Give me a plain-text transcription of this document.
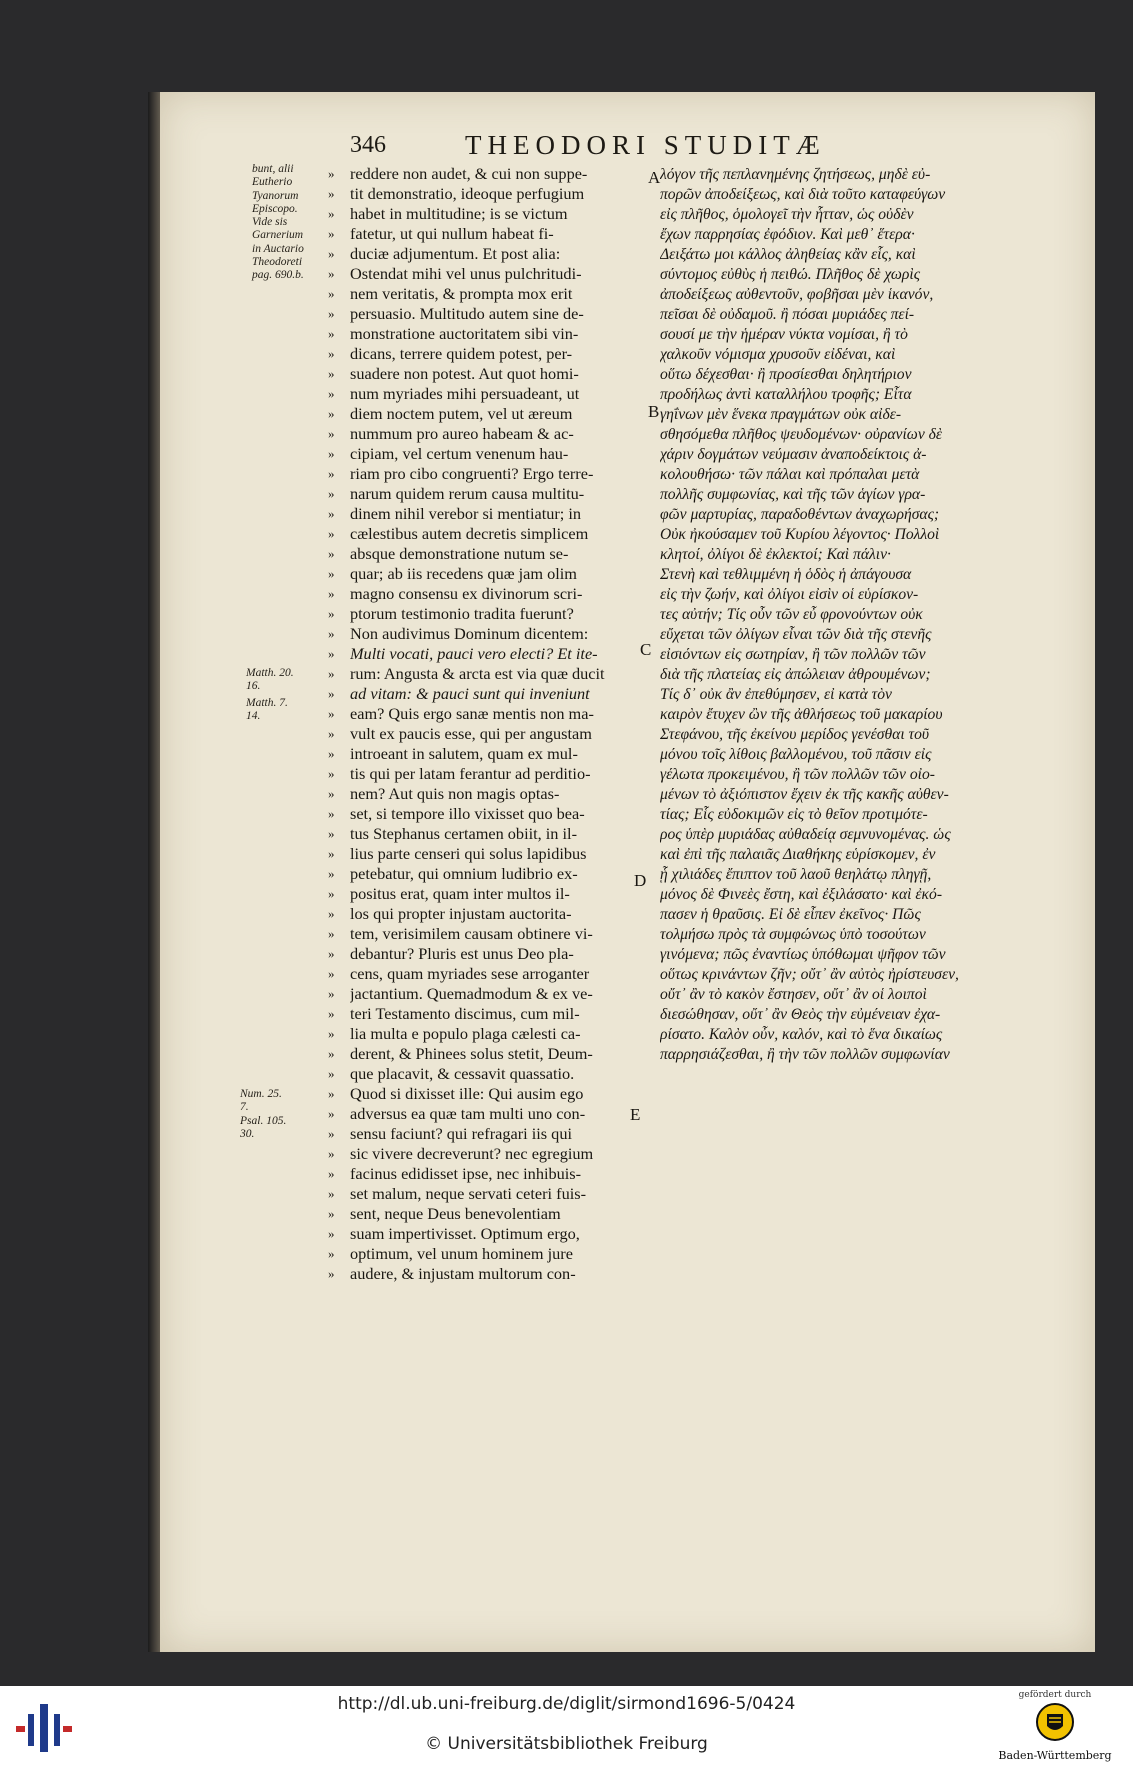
346	THEODORI STUDITÆ
bunt, alii
Eutherio
Tyanorum
Episcopo.
Vide sis
Garnerium
in Auctario
Theodoreti
pag. 690.b.
Matth. 20.
16.
Matth. 7.
14.
Num. 25.
7.
Psal. 105.
30.
A
B
C
D
E
» reddere non audet, & cui non suppe-
» tit demonstratio, ideoque perfugium
» habet in multitudine; is se victum
» fatetur, ut qui nullum habeat fi-
» duciæ adjumentum. Et post alia:
» Ostendat mihi vel unus pulchritudi-
» nem veritatis, & prompta mox erit
» persuasio. Multitudo autem sine de-
» monstratione auctoritatem sibi vin-
» dicans, terrere quidem potest, per-
» suadere non potest. Aut quot homi-
» num myriades mihi persuadeant, ut
» diem noctem putem, vel ut æreum
» nummum pro aureo habeam & ac-
» cipiam, vel certum venenum hau-
» riam pro cibo congruenti? Ergo terre-
» narum quidem rerum causa multitu-
» dinem nihil verebor si mentiatur; in
» cælestibus autem decretis simplicem
» absque demonstratione nutum se-
» quar; ab iis recedens quæ jam olim
» magno consensu ex divinorum scri-
» ptorum testimonio tradita fuerunt?
» Non audivimus Dominum dicentem:
» Multi vocati, pauci vero electi? Et ite-
» rum: Angusta & arcta est via quæ ducit
» ad vitam: & pauci sunt qui inveniunt
» eam? Quis ergo sanæ mentis non ma-
» vult ex paucis esse, qui per angustam
» introeant in salutem, quam ex mul-
» tis qui per latam ferantur ad perditio-
» nem? Aut quis non magis optas-
» set, si tempore illo vixisset quo bea-
» tus Stephanus certamen obiit, in il-
» lius parte censeri qui solus lapidibus
» petebatur, qui omnium ludibrio ex-
» positus erat, quam inter multos il-
» los qui propter injustam auctorita-
» tem, verisimilem causam obtinere vi-
» debantur? Pluris est unus Deo pla-
» cens, quam myriades sese arroganter
» jactantium. Quemadmodum & ex ve-
» teri Testamento discimus, cum mil-
» lia multa e populo plaga cælesti ca-
» derent, & Phinees solus stetit, Deum-
» que placavit, & cessavit quassatio.
» Quod si dixisset ille: Qui ausim ego
» adversus ea quæ tam multi uno con-
» sensu faciunt? qui refragari iis qui
» sic vivere decreverunt? nec egregium
» facinus edidisset ipse, nec inhibuis-
» set malum, neque servati ceteri fuis-
» sent, neque Deus benevolentiam
» suam impertivisset. Optimum ergo,
» optimum, vel unum hominem jure
» audere, & injustam multorum con-
λόγον τῆς πεπλανημένης ζητήσεως, μηδὲ εὐ-
πορῶν ἀποδείξεως, καὶ διὰ τοῦτο καταφεύγων
εἰς πλῆθος, ὁμολογεῖ τὴν ἧτταν, ὡς οὐδὲν
ἔχων παρρησίας ἐφόδιον. Καὶ μεθ᾽ ἕτερα·
Δειξάτω μοι κάλλος ἀληθείας κἂν εἷς, καὶ
σύντομος εὐθὺς ἡ πειθώ. Πλῆθος δὲ χωρὶς
ἀποδείξεως αὐθεντοῦν, φοβῆσαι μὲν ἱκανόν,
πεῖσαι δὲ οὐδαμοῦ. ἢ πόσαι μυριάδες πεί-
σουσί με τὴν ἡμέραν νύκτα νομίσαι, ἢ τὸ
χαλκοῦν νόμισμα χρυσοῦν εἰδέναι, καὶ
οὕτω δέχεσθαι· ἢ προσίεσθαι δηλητήριον
προδήλως ἀντὶ καταλλήλου τροφῆς; Εἶτα
γηΐνων μὲν ἕνεκα πραγμάτων οὐκ αἰδε-
σθησόμεθα πλῆθος ψευδομένων· οὐρανίων δὲ
χάριν δογμάτων νεύμασιν ἀναποδείκτοις ἀ-
κολουθήσω· τῶν πάλαι καὶ πρόπαλαι μετὰ
πολλῆς συμφωνίας, καὶ τῆς τῶν ἁγίων γρα-
φῶν μαρτυρίας, παραδοθέντων ἀναχωρήσας;
Οὐκ ἠκούσαμεν τοῦ Κυρίου λέγοντος· Πολλοὶ
κλητοί, ὀλίγοι δὲ ἐκλεκτοί; Καὶ πάλιν·
Στενὴ καὶ τεθλιμμένη ἡ ὁδὸς ἡ ἀπάγουσα
εἰς τὴν ζωήν, καὶ ὀλίγοι εἰσὶν οἱ εὑρίσκον-
τες αὐτήν; Τίς οὖν τῶν εὖ φρονούντων οὐκ
εὔχεται τῶν ὀλίγων εἶναι τῶν διὰ τῆς στενῆς
εἰσιόντων εἰς σωτηρίαν, ἢ τῶν πολλῶν τῶν
διὰ τῆς πλατείας εἰς ἀπώλειαν ἀθρουμένων;
Τίς δ᾽ οὐκ ἂν ἐπεθύμησεν, εἰ κατὰ τὸν
καιρὸν ἔτυχεν ὢν τῆς ἀθλήσεως τοῦ μακαρίου
Στεφάνου, τῆς ἐκείνου μερίδος γενέσθαι τοῦ
μόνου τοῖς λίθοις βαλλομένου, τοῦ πᾶσιν εἰς
γέλωτα προκειμένου, ἢ τῶν πολλῶν τῶν οἰο-
μένων τὸ ἀξιόπιστον ἔχειν ἐκ τῆς κακῆς αὐθεν-
τίας; Εἷς εὐδοκιμῶν εἰς τὸ θεῖον προτιμότε-
ρος ὑπὲρ μυριάδας αὐθαδείᾳ σεμνυνομένας. ὡς
καὶ ἐπὶ τῆς παλαιᾶς Διαθήκης εὑρίσκομεν, ἐν
ᾗ χιλιάδες ἔπιπτον τοῦ λαοῦ θεηλάτῳ πληγῇ,
μόνος δὲ Φινεὲς ἔστη, καὶ ἐξιλάσατο· καὶ ἐκό-
πασεν ἡ θραῦσις. Εἰ δὲ εἶπεν ἐκεῖνος· Πῶς
τολμήσω πρὸς τὰ συμφώνως ὑπὸ τοσούτων
γινόμενα; πῶς ἐναντίως ὑπόθωμαι ψῆφον τῶν
οὕτως κρινάντων ζῆν; οὔτ᾽ ἂν αὐτὸς ἠρίστευσεν,
οὔτ᾽ ἂν τὸ κακὸν ἔστησεν, οὔτ᾽ ἂν οἱ λοιποὶ
διεσώθησαν, οὔτ᾽ ἂν Θεὸς τὴν εὐμένειαν ἐχα-
ρίσατο. Καλὸν οὖν, καλόν, καὶ τὸ ἕνα δικαίως
παρρησιάζεσθαι, ἢ τὴν τῶν πολλῶν συμφωνίαν
http://dl.ub.uni-freiburg.de/diglit/sirmond1696-5/0424
© Universitätsbibliothek Freiburg
gefördert durch
Baden-Württemberg
